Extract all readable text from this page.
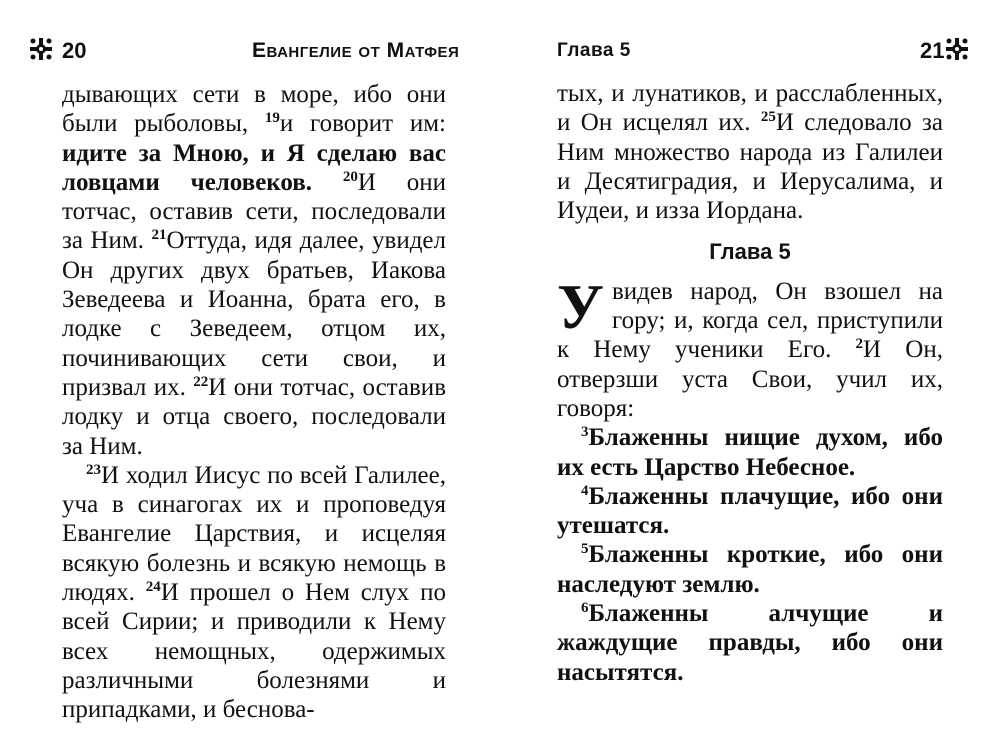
20	Евангелие от Матфея

дывающих сети в море, ибо они были рыболовы, $^{19}$и говорит им: идите за Мною, и Я сделаю вас ловцами человеков. $^{20}$И они тотчас, оставив сети, последовали за Ним. $^{21}$Оттуда, идя далее, увидел Он других двух братьев, Иакова Зеведеева и Иоанна, брата его, в лодке с Зеведеем, отцом их, починивающих сети свои, и призвал их. $^{22}$И они тотчас, оставив лодку и отца своего, последовали за Ним.

$^{23}$И ходил Иисус по всей Галилее, уча в синагогах их и проповедуя Евангелие Царствия, и исцеляя всякую болезнь и всякую немощь в людях. $^{24}$И прошел о Нем слух по всей Сирии; и приводили к Нему всех немощных, одержимых различными болезнями и припадками, и беснова-

Глава 5	21

тых, и лунатиков, и расслабленных, и Он исцелял их. $^{25}$И следовало за Ним множество народа из Галилеи и Десятиградия, и Иерусалима, и Иудеи, и изза Иордана.

Глава 5

Увидев народ, Он взошел на гору; и, когда сел, приступили к Нему ученики Его. $^2$И Он, отверзши уста Свои, учил их, говоря:

$^3$Блаженны нищие духом, ибо их есть Царство Небесное.

$^4$Блаженны плачущие, ибо они утешатся.

$^5$Блаженны кроткие, ибо они наследуют землю.

$^6$Блаженны алчущие и жаждущие правды, ибо они насытятся.
